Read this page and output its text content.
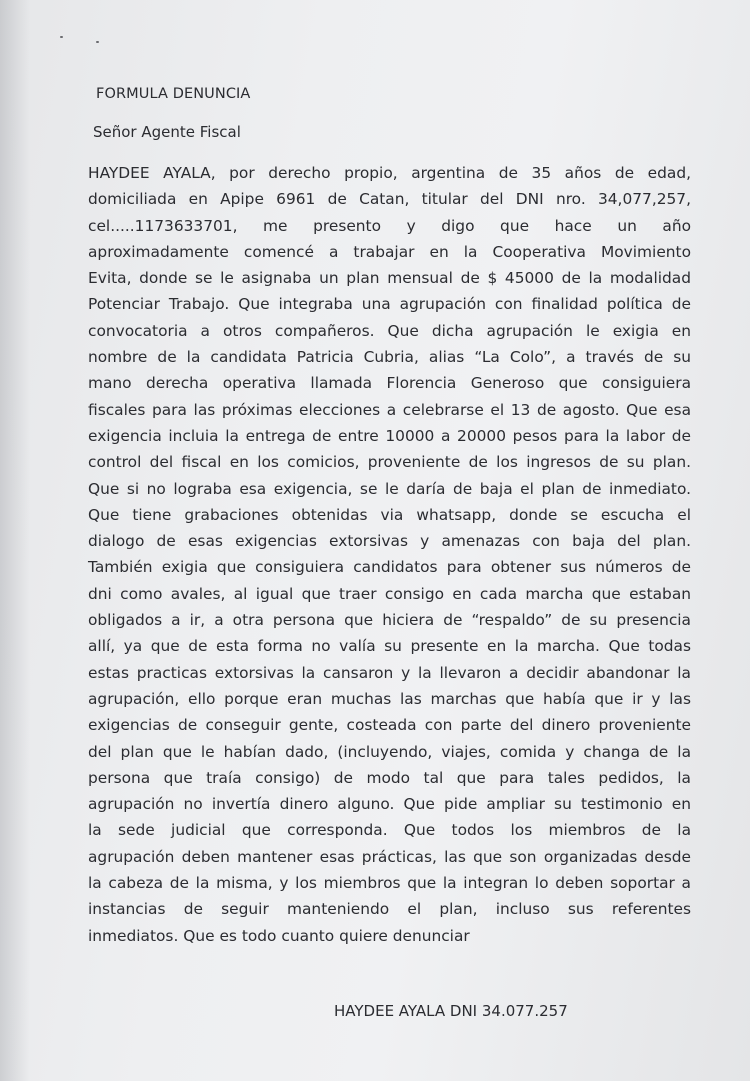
FORMULA DENUNCIA
Señor Agente Fiscal
HAYDEE AYALA, por derecho propio, argentina de 35 años de edad,
domiciliada en Apipe 6961 de Catan, titular del DNI nro. 34,077,257,
cel.....1173633701, me presento y digo que hace un año
aproximadamente comencé a trabajar en la Cooperativa Movimiento
Evita, donde se le asignaba un plan mensual de $ 45000 de la modalidad
Potenciar Trabajo. Que integraba una agrupación con finalidad política de
convocatoria a otros compañeros. Que dicha agrupación le exigia en
nombre de la candidata Patricia Cubria, alias “La Colo”, a través de su
mano derecha operativa llamada Florencia Generoso que consiguiera
fiscales para las próximas elecciones a celebrarse el 13 de agosto. Que esa
exigencia incluia la entrega de entre 10000 a 20000 pesos para la labor de
control del fiscal en los comicios, proveniente de los ingresos de su plan.
Que si no lograba esa exigencia, se le daría de baja el plan de inmediato.
Que tiene grabaciones obtenidas via whatsapp, donde se escucha el
dialogo de esas exigencias extorsivas y amenazas con baja del plan.
También exigia que consiguiera candidatos para obtener sus números de
dni como avales, al igual que traer consigo en cada marcha que estaban
obligados a ir, a otra persona que hiciera de “respaldo” de su presencia
allí, ya que de esta forma no valía su presente en la marcha. Que todas
estas practicas extorsivas la cansaron y la llevaron a decidir abandonar la
agrupación, ello porque eran muchas las marchas que había que ir y las
exigencias de conseguir gente, costeada con parte del dinero proveniente
del plan que le habían dado, (incluyendo, viajes, comida y changa de la
persona que traía consigo) de modo tal que para tales pedidos, la
agrupación no invertía dinero alguno. Que pide ampliar su testimonio en
la sede judicial que corresponda. Que todos los miembros de la
agrupación deben mantener esas prácticas, las que son organizadas desde
la cabeza de la misma, y los miembros que la integran lo deben soportar a
instancias de seguir manteniendo el plan, incluso sus referentes
inmediatos. Que es todo cuanto quiere denunciar
HAYDEE AYALA DNI 34.077.257
